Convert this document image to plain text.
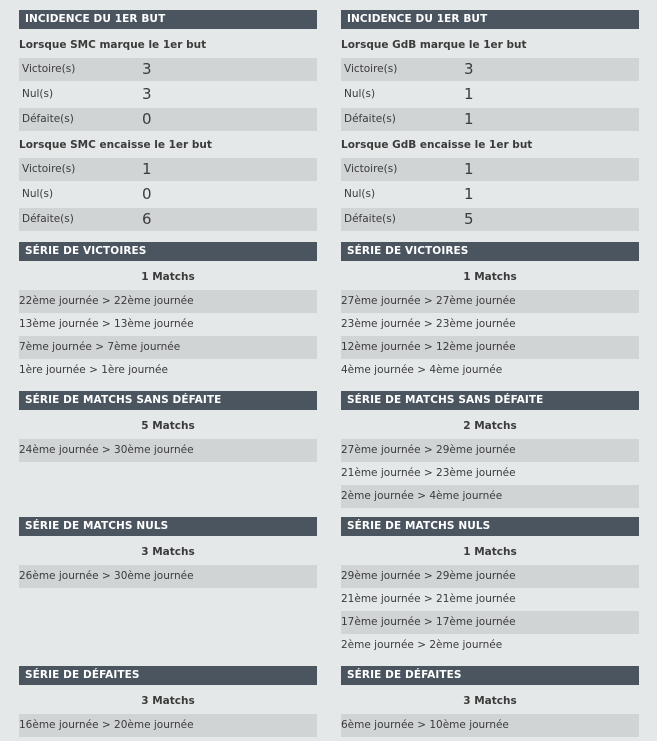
INCIDENCE DU 1ER BUT
Lorsque SMC marque le 1er but
Victoire(s)	3
Nul(s)	3
Défaite(s)	0
Lorsque SMC encaisse le 1er but
Victoire(s)	1
Nul(s)	0
Défaite(s)	6
SÉRIE DE VICTOIRES
1 Matchs
22ème journée > 22ème journée
13ème journée > 13ème journée
7ème journée > 7ème journée
1ère journée > 1ère journée
SÉRIE DE MATCHS SANS DÉFAITE
5 Matchs
24ème journée > 30ème journée
SÉRIE DE MATCHS NULS
3 Matchs
26ème journée > 30ème journée
SÉRIE DE DÉFAITES
3 Matchs
16ème journée > 20ème journée
INCIDENCE DU 1ER BUT
Lorsque GdB marque le 1er but
Victoire(s)	3
Nul(s)	1
Défaite(s)	1
Lorsque GdB encaisse le 1er but
Victoire(s)	1
Nul(s)	1
Défaite(s)	5
SÉRIE DE VICTOIRES
1 Matchs
27ème journée > 27ème journée
23ème journée > 23ème journée
12ème journée > 12ème journée
4ème journée > 4ème journée
SÉRIE DE MATCHS SANS DÉFAITE
2 Matchs
27ème journée > 29ème journée
21ème journée > 23ème journée
2ème journée > 4ème journée
SÉRIE DE MATCHS NULS
1 Matchs
29ème journée > 29ème journée
21ème journée > 21ème journée
17ème journée > 17ème journée
2ème journée > 2ème journée
SÉRIE DE DÉFAITES
3 Matchs
6ème journée > 10ème journée
